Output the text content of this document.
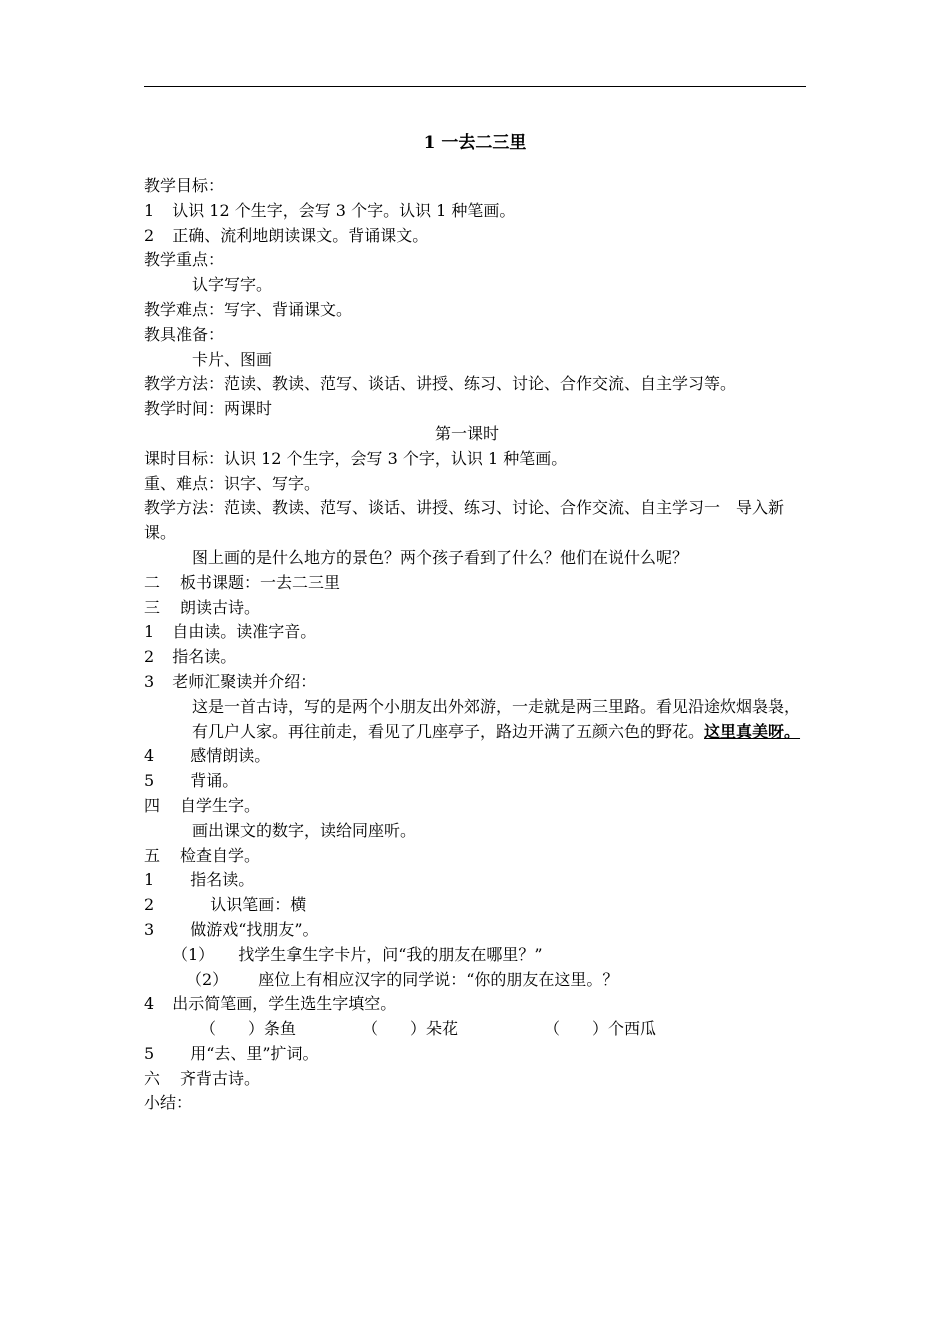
1 一去二三里
教学目标：
1 认识 12 个生字，会写 3 个字。认识 1 种笔画。
2 正确、流利地朗读课文。背诵课文。
教学重点：
认字写字。
教学难点：写字、背诵课文。
教具准备：
卡片、图画
教学方法：范读、教读、范写、谈话、讲授、练习、讨论、合作交流、自主学习等。
教学时间：两课时
第一课时
课时目标：认识 12 个生字，会写 3 个字，认识 1 种笔画。
重、难点：识字、写字。
教学方法：范读、教读、范写、谈话、讲授、练习、讨论、合作交流、自主学习一　导入新课。
图上画的是什么地方的景色？两个孩子看到了什么？他们在说什么呢？
二 板书课题：一去二三里
三 朗读古诗。
1 自由读。读准字音。
2 指名读。
3 老师汇聚读并介绍：
这是一首古诗，写的是两个小朋友出外郊游，一走就是两三里路。看见沿途炊烟袅袅，有几户人家。再往前走，看见了几座亭子，路边开满了五颜六色的野花。这里真美呀。
4 感情朗读。
5 背诵。
四 自学生字。
画出课文的数字，读给同座听。
五 检查自学。
1 指名读。
2	认识笔画：横
3 做游戏“找朋友”。
（1） 找学生拿生字卡片，问“我的朋友在哪里？”
（2） 座位上有相应汉字的同学说：“你的朋友在这里。？
4 出示简笔画，学生选生字填空。
（　　）条鱼	（　　）朵花	（　　）个西瓜
5 用“去、里”扩词。
六 齐背古诗。
小结：
